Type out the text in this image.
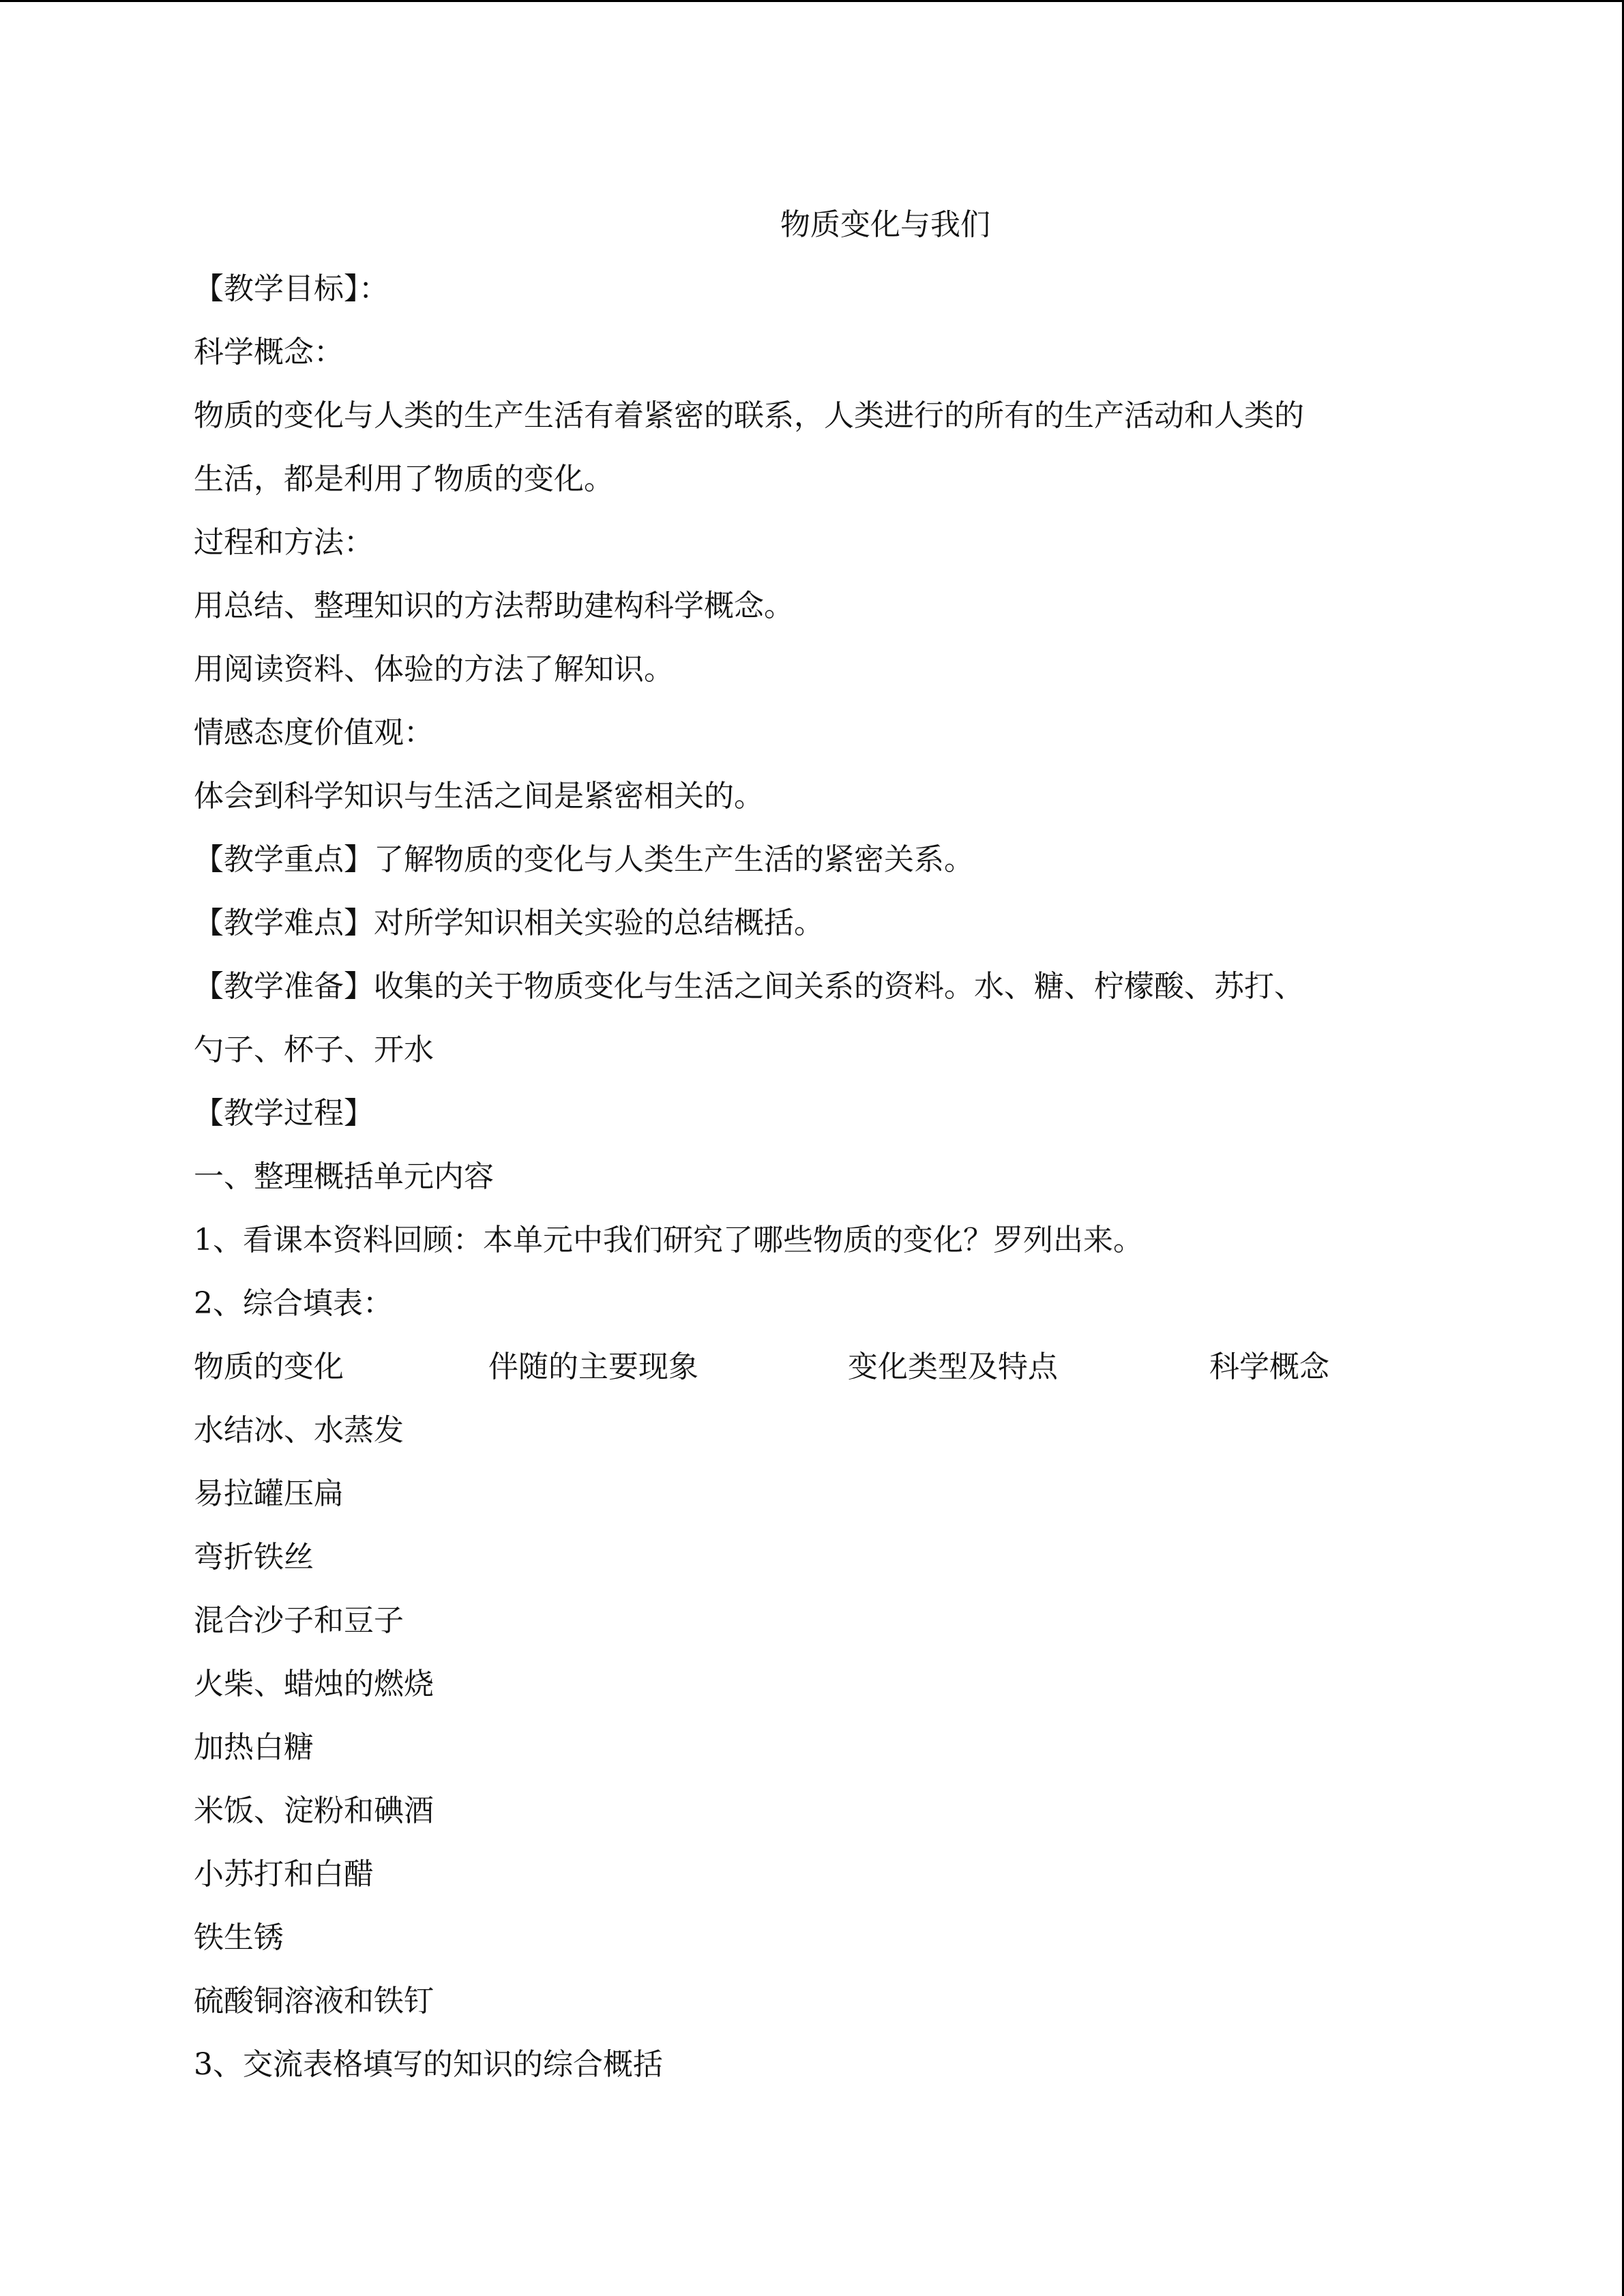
物质变化与我们
【教学目标】：
科学概念：
物质的变化与人类的生产生活有着紧密的联系，人类进行的所有的生产活动和人类的
生活，都是利用了物质的变化。
过程和方法：
用总结、整理知识的方法帮助建构科学概念。
用阅读资料、体验的方法了解知识。
情感态度价值观：
体会到科学知识与生活之间是紧密相关的。
【教学重点】了解物质的变化与人类生产生活的紧密关系。
【教学难点】对所学知识相关实验的总结概括。
【教学准备】收集的关于物质变化与生活之间关系的资料。水、糖、柠檬酸、苏打、
勺子、杯子、开水
【教学过程】
一、整理概括单元内容
1、看课本资料回顾：本单元中我们研究了哪些物质的变化？罗列出来。
2、综合填表：
物质的变化	伴随的主要现象	变化类型及特点	科学概念
水结冰、水蒸发
易拉罐压扁
弯折铁丝
混合沙子和豆子
火柴、蜡烛的燃烧
加热白糖
米饭、淀粉和碘酒
小苏打和白醋
铁生锈
硫酸铜溶液和铁钉
3、交流表格填写的知识的综合概括
